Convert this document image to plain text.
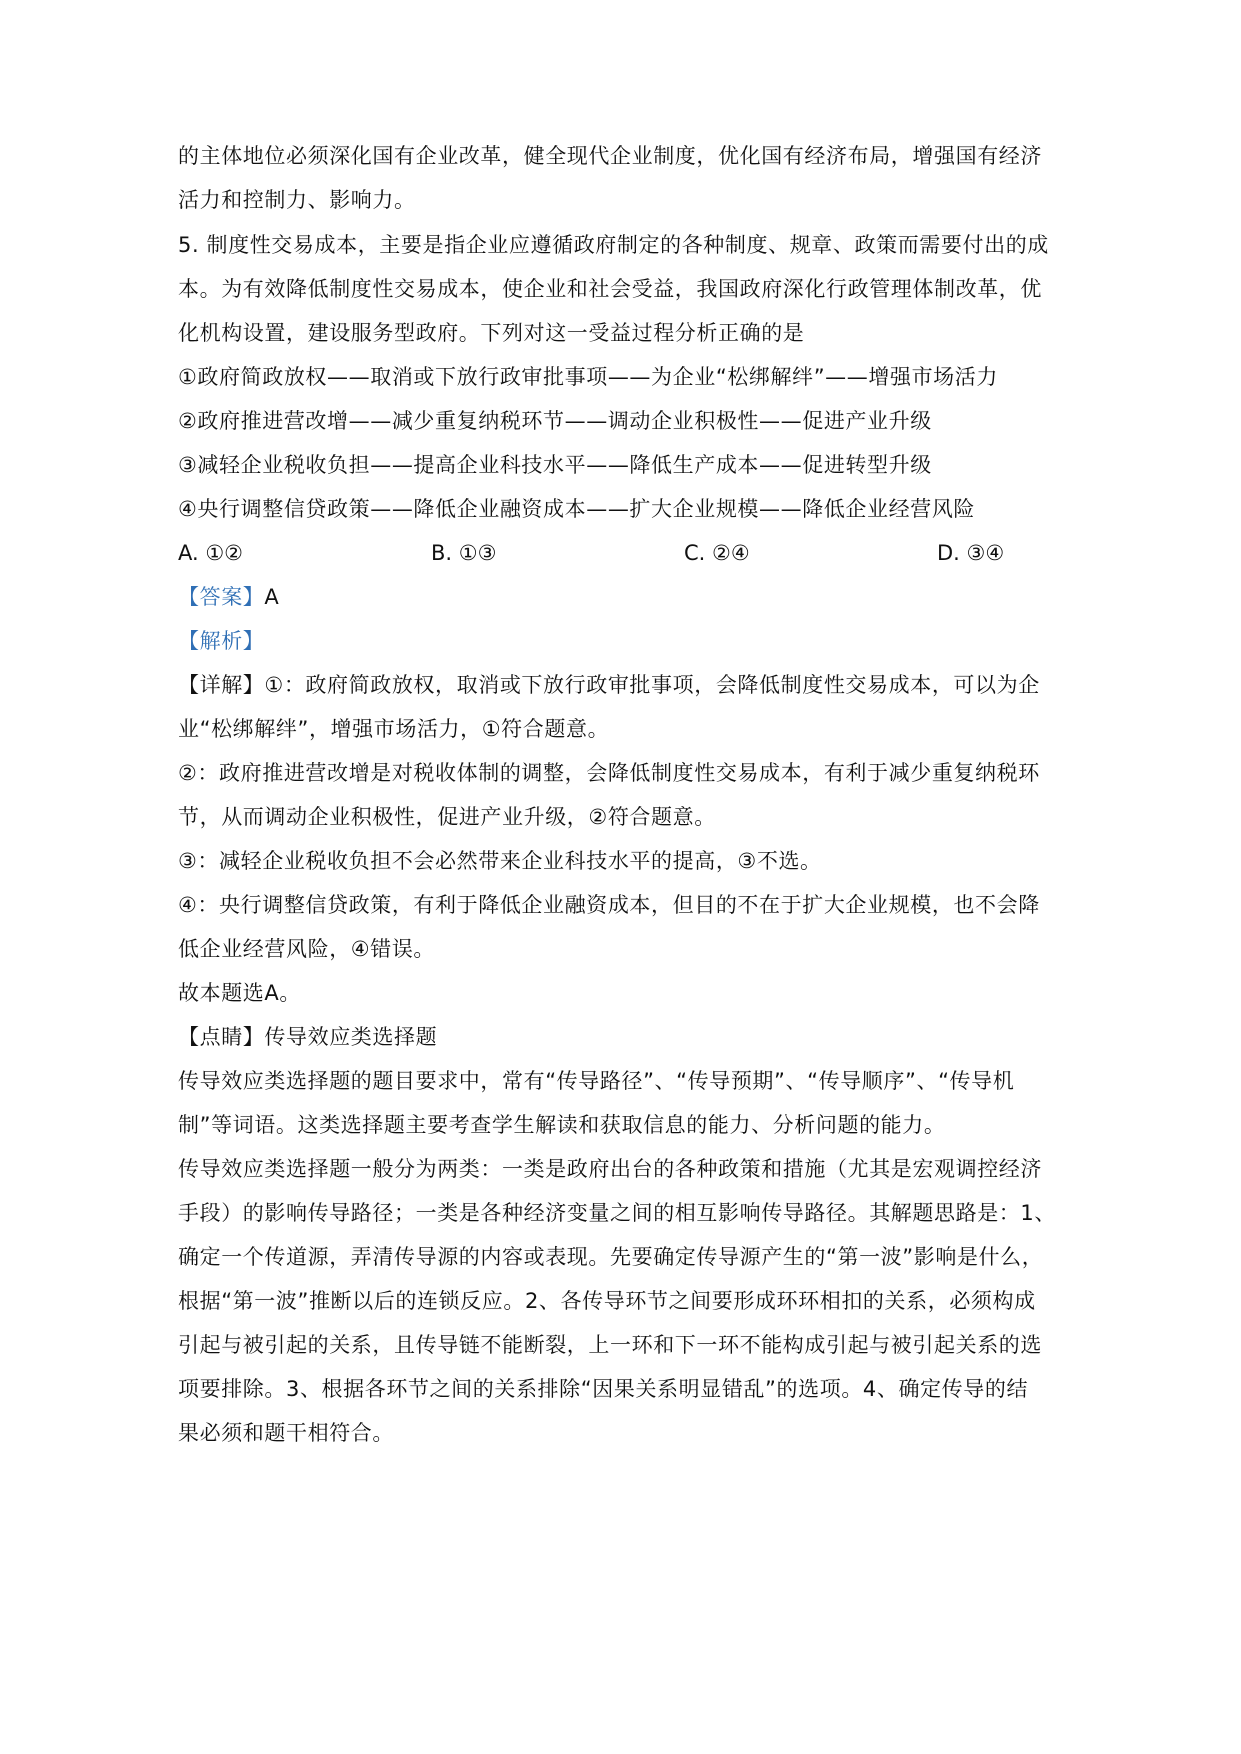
的主体地位必须深化国有企业改革，健全现代企业制度，优化国有经济布局，增强国有经济
活力和控制力、影响力。
5. 制度性交易成本，主要是指企业应遵循政府制定的各种制度、规章、政策而需要付出的成
本。为有效降低制度性交易成本，使企业和社会受益，我国政府深化行政管理体制改革，优
化机构设置，建设服务型政府。下列对这一受益过程分析正确的是
①政府简政放权——取消或下放行政审批事项——为企业“松绑解绊”——增强市场活力
②政府推进营改增——减少重复纳税环节——调动企业积极性——促进产业升级
③减轻企业税收负担——提高企业科技水平——降低生产成本——促进转型升级
④央行调整信贷政策——降低企业融资成本——扩大企业规模——降低企业经营风险
A. ①②	B. ①③	C. ②④	D. ③④
【答案】A
【解析】
【详解】①：政府简政放权，取消或下放行政审批事项，会降低制度性交易成本，可以为企
业“松绑解绊”，增强市场活力，①符合题意。
②：政府推进营改增是对税收体制的调整，会降低制度性交易成本，有利于减少重复纳税环
节，从而调动企业积极性，促进产业升级，②符合题意。
③：减轻企业税收负担不会必然带来企业科技水平的提高，③不选。
④：央行调整信贷政策，有利于降低企业融资成本，但目的不在于扩大企业规模，也不会降
低企业经营风险，④错误。
故本题选A。
【点睛】传导效应类选择题
传导效应类选择题的题目要求中，常有“传导路径”、“传导预期”、“传导顺序”、“传导机
制”等词语。这类选择题主要考查学生解读和获取信息的能力、分析问题的能力。
传导效应类选择题一般分为两类：一类是政府出台的各种政策和措施（尤其是宏观调控经济
手段）的影响传导路径；一类是各种经济变量之间的相互影响传导路径。其解题思路是：1、
确定一个传道源，弄清传导源的内容或表现。先要确定传导源产生的“第一波”影响是什么，
根据“第一波”推断以后的连锁反应。2、各传导环节之间要形成环环相扣的关系，必须构成
引起与被引起的关系，且传导链不能断裂，上一环和下一环不能构成引起与被引起关系的选
项要排除。3、根据各环节之间的关系排除“因果关系明显错乱”的选项。4、确定传导的结
果必须和题干相符合。
